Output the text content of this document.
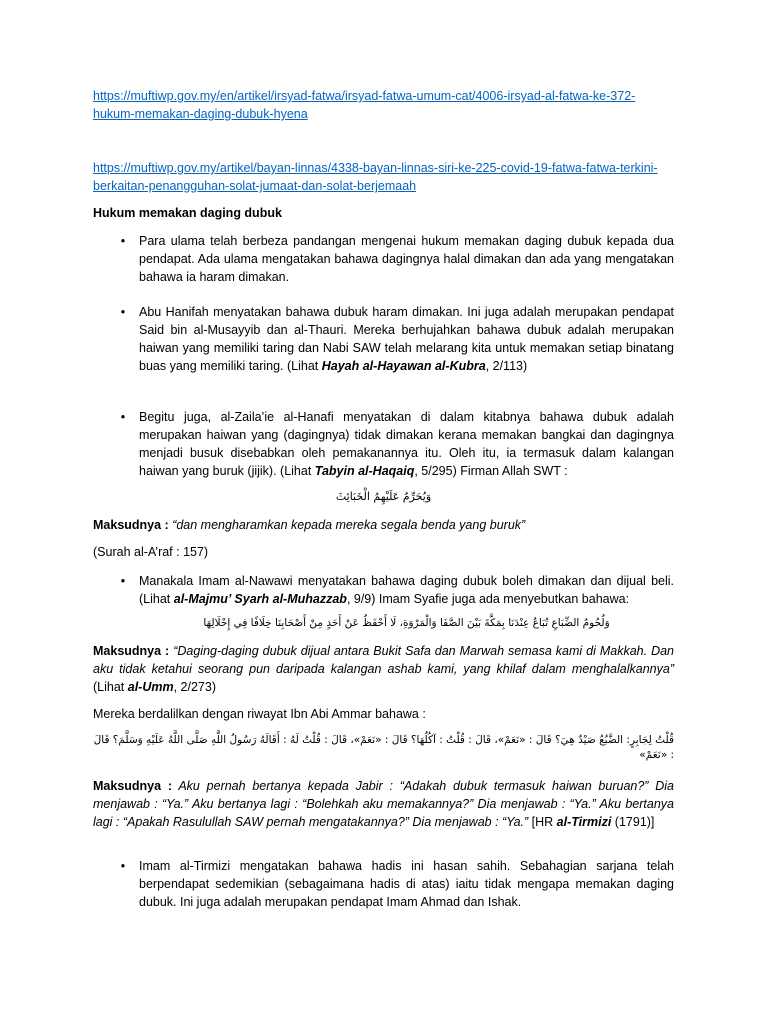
https://muftiwp.gov.my/en/artikel/irsyad-fatwa/irsyad-fatwa-umum-cat/4006-irsyad-al-fatwa-ke-372-hukum-memakan-daging-dubuk-hyena
https://muftiwp.gov.my/artikel/bayan-linnas/4338-bayan-linnas-siri-ke-225-covid-19-fatwa-fatwa-terkini-berkaitan-penangguhan-solat-jumaat-dan-solat-berjemaah
Hukum memakan daging dubuk
•	Para ulama telah berbeza pandangan mengenai hukum memakan daging dubuk kepada dua pendapat. Ada ulama mengatakan bahawa dagingnya halal dimakan dan ada yang mengatakan bahawa ia haram dimakan.
•	Abu Hanifah menyatakan bahawa dubuk haram dimakan. Ini juga adalah merupakan pendapat Said bin al-Musayyib dan al-Thauri. Mereka berhujahkan bahawa dubuk adalah merupakan haiwan yang memiliki taring dan Nabi SAW telah melarang kita untuk memakan setiap binatang buas yang memiliki taring. (Lihat Hayah al-Hayawan al-Kubra, 2/113)
•	Begitu juga, al-Zaila’ie al-Hanafi menyatakan di dalam kitabnya bahawa dubuk adalah merupakan haiwan yang (dagingnya) tidak dimakan kerana memakan bangkai dan dagingnya menjadi busuk disebabkan oleh pemakanannya itu. Oleh itu, ia termasuk dalam kalangan haiwan yang buruk (jijik). (Lihat Tabyin al-Haqaiq, 5/295) Firman Allah SWT :
وَيُحَرِّمُ عَلَيْهِمُ الْخَبَائِثَ
Maksudnya : “dan mengharamkan kepada mereka segala benda yang buruk”
(Surah al-A’raf : 157)
•	Manakala Imam al-Nawawi menyatakan bahawa daging dubuk boleh dimakan dan dijual beli. (Lihat al-Majmu’ Syarh al-Muhazzab, 9/9) Imam Syafie juga ada menyebutkan bahawa:
وَلُحُومُ الضِّبَاعِ تُبَاعُ عِنْدَنَا بِمَكَّةَ بَيْنَ الصَّفَا وَالْمَرْوَةِ، لَا أَحْفَظُ عَنْ أَحَدٍ مِنْ أَصْحَابِنَا خِلَافًا فِي إِحْلَالِهَا
Maksudnya : “Daging-daging dubuk dijual antara Bukit Safa dan Marwah semasa kami di Makkah. Dan aku tidak ketahui seorang pun daripada kalangan ashab kami, yang khilaf dalam menghalalkannya” (Lihat al-Umm, 2/273)
Mereka berdalilkan dengan riwayat Ibn Abi Ammar bahawa :
قُلْتُ لِجَابِرٍ: الضَّبُعُ صَيْدٌ هِيَ؟ قَالَ : «نَعَمْ»، قَالَ : قُلْتُ : آكُلُهَا؟ قَالَ : «نَعَمْ»، قَالَ : قُلْتُ لَهُ : أَقَالَهُ رَسُولُ اللَّهِ صَلَّى اللَّهُ عَلَيْهِ وَسَلَّمَ؟ قَالَ : «نَعَمْ»
Maksudnya : Aku pernah bertanya kepada Jabir : “Adakah dubuk termasuk haiwan buruan?” Dia menjawab : “Ya.” Aku bertanya lagi : “Bolehkah aku memakannya?” Dia menjawab : “Ya.” Aku bertanya lagi : “Apakah Rasulullah SAW pernah mengatakannya?” Dia menjawab : “Ya.” [HR al-Tirmizi (1791)]
•	Imam al-Tirmizi mengatakan bahawa hadis ini hasan sahih. Sebahagian sarjana telah berpendapat sedemikian (sebagaimana hadis di atas) iaitu tidak mengapa memakan daging dubuk. Ini juga adalah merupakan pendapat Imam Ahmad dan Ishak.
